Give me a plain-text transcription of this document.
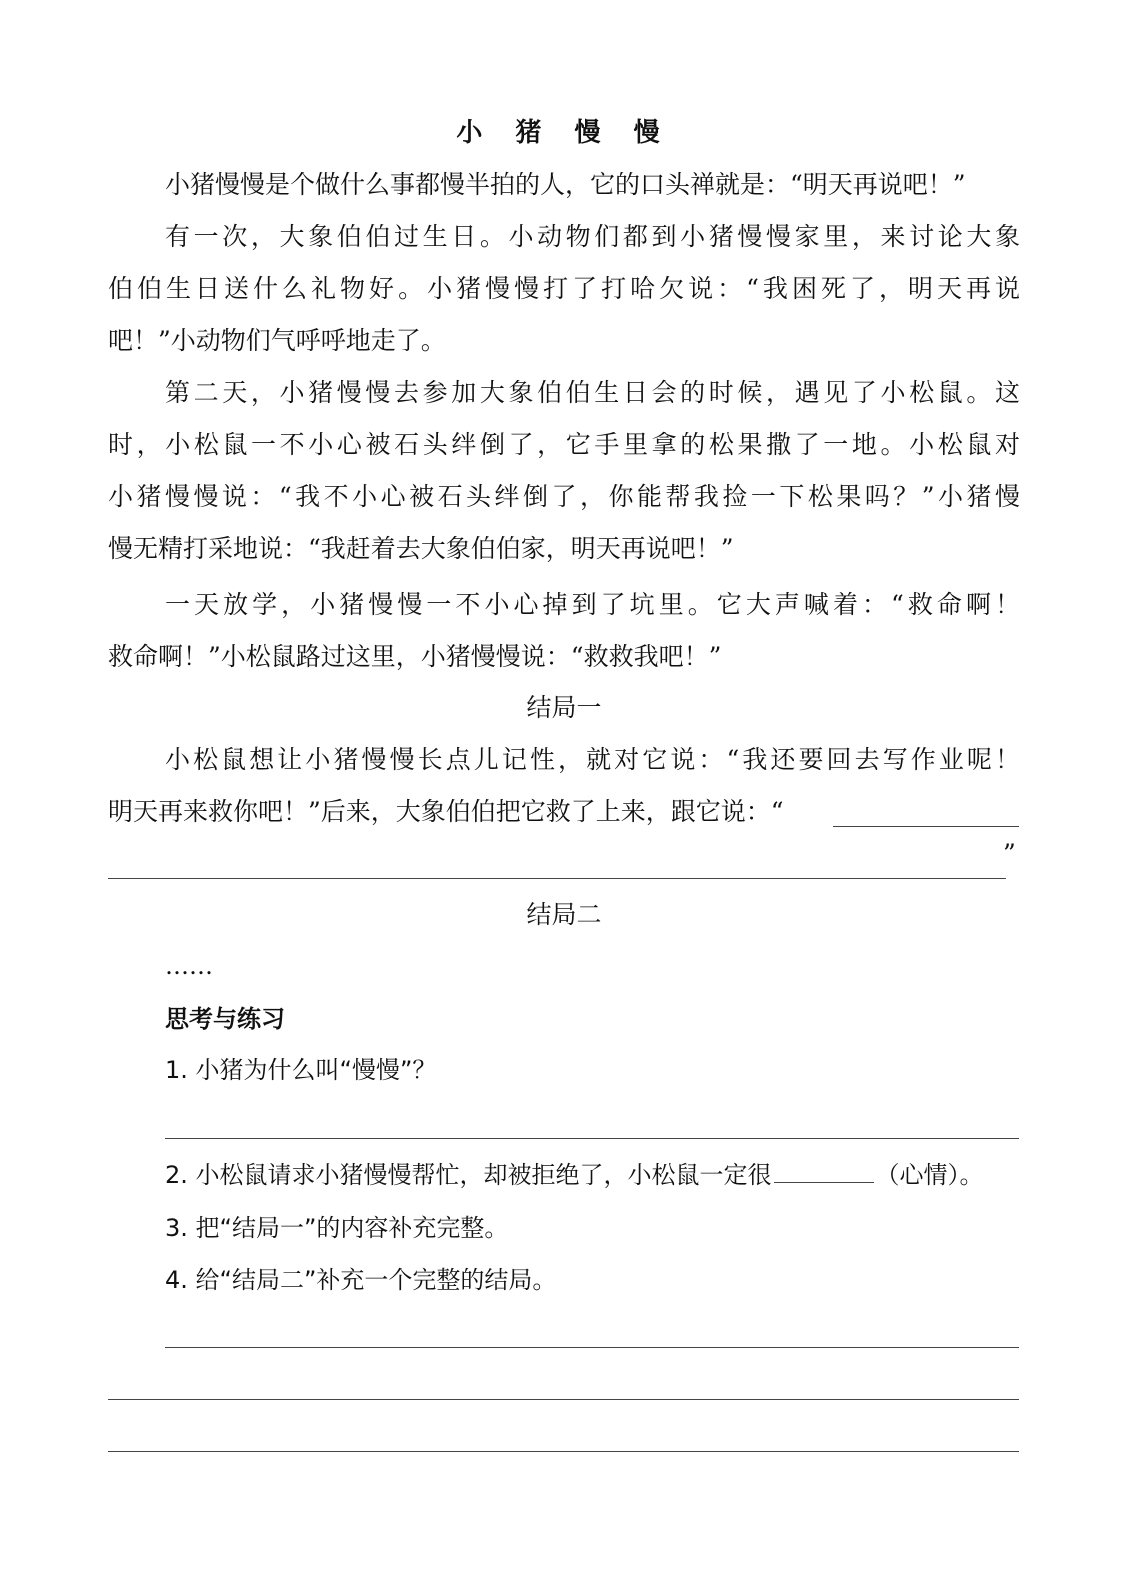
小 猪 慢 慢
小猪慢慢是个做什么事都慢半拍的人，它的口头禅就是：“明天再说吧！”
有一次，大象伯伯过生日。小动物们都到小猪慢慢家里，来讨论大象
伯伯生日送什么礼物好。小猪慢慢打了打哈欠说：“我困死了，明天再说
吧！”小动物们气呼呼地走了。
第二天，小猪慢慢去参加大象伯伯生日会的时候，遇见了小松鼠。这
时，小松鼠一不小心被石头绊倒了，它手里拿的松果撒了一地。小松鼠对
小猪慢慢说：“我不小心被石头绊倒了，你能帮我捡一下松果吗？”小猪慢
慢无精打采地说：“我赶着去大象伯伯家，明天再说吧！”
一天放学，小猪慢慢一不小心掉到了坑里。它大声喊着：“救命啊！
救命啊！”小松鼠路过这里，小猪慢慢说：“救救我吧！”
结局一
小松鼠想让小猪慢慢长点儿记性，就对它说：“我还要回去写作业呢！
明天再来救你吧！”后来，大象伯伯把它救了上来，跟它说：“
”
结局二
……
思考与练习
1. 小猪为什么叫“慢慢”？
2. 小松鼠请求小猪慢慢帮忙，却被拒绝了，小松鼠一定很	（心情）。
3. 把“结局一”的内容补充完整。
4. 给“结局二”补充一个完整的结局。
